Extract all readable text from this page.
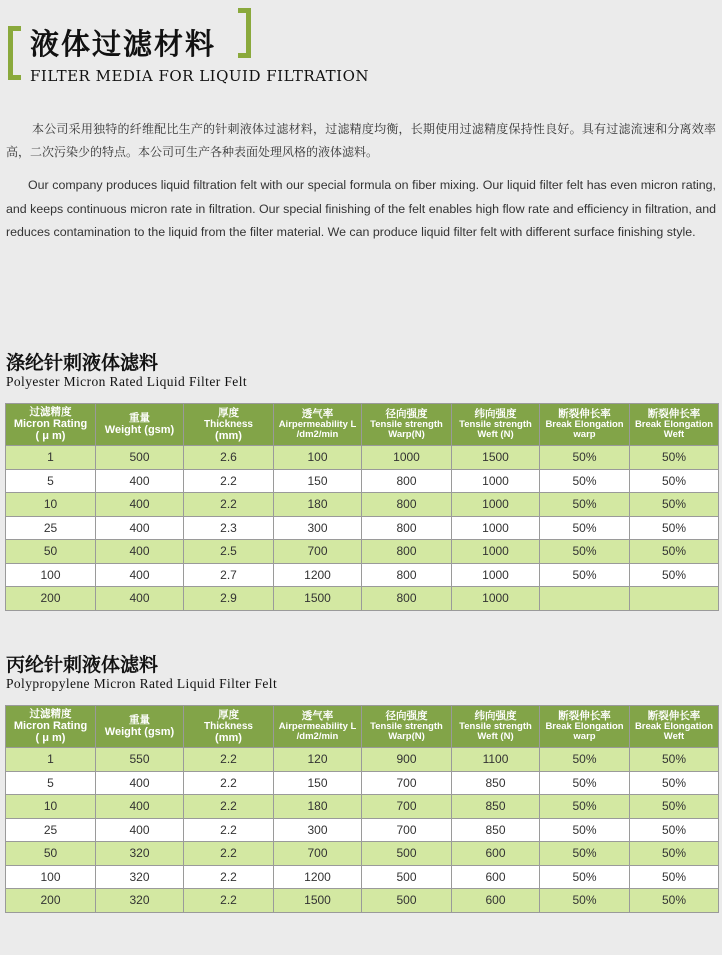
液体过滤材料
FILTER MEDIA FOR LIQUID FILTRATION

本公司采用独特的纤维配比生产的针刺液体过滤材料，过滤精度均衡，长期使用过滤精度保持性良好。具有过滤流速和分离效率高，二次污染少的特点。本公司可生产各种表面处理风格的液体滤料。

Our company produces liquid filtration felt with our special formula on fiber mixing. Our liquid filter felt has even micron rating, and keeps continuous micron rate in filtration. Our special finishing of the felt enables high flow rate and efficiency in filtration, and reduces contamination to the liquid from the filter material. We can produce liquid filter felt with different surface finishing style.

涤纶针刺液体滤料
Polyester Micron Rated Liquid Filter Felt
过滤精度
Micron Rating
( μ m)	重量
Weight (gsm)	厚度
Thickness
(mm)	透气率
Airpermeability L
/dm2/min	径向强度
Tensile strength
Warp(N)	纬向强度
Tensile strength
Weft (N)	断裂伸长率
Break Elongation
warp	断裂伸长率
Break Elongation
Weft

1	500	2.6	100	1000	1500	50%	50%
5	400	2.2	150	800	1000	50%	50%
10	400	2.2	180	800	1000	50%	50%
25	400	2.3	300	800	1000	50%	50%
50	400	2.5	700	800	1000	50%	50%
100	400	2.7	1200	800	1000	50%	50%
200	400	2.9	1500	800	1000		
丙纶针刺液体滤料
Polypropylene Micron Rated Liquid Filter Felt
过滤精度
Micron Rating
( μ m)	重量
Weight (gsm)	厚度
Thickness
(mm)	透气率
Airpermeability L
/dm2/min	径向强度
Tensile strength
Warp(N)	纬向强度
Tensile strength
Weft (N)	断裂伸长率
Break Elongation
warp	断裂伸长率
Break Elongation
Weft

1	550	2.2	120	900	1100	50%	50%
5	400	2.2	150	700	850	50%	50%
10	400	2.2	180	700	850	50%	50%
25	400	2.2	300	700	850	50%	50%
50	320	2.2	700	500	600	50%	50%
100	320	2.2	1200	500	600	50%	50%
200	320	2.2	1500	500	600	50%	50%
